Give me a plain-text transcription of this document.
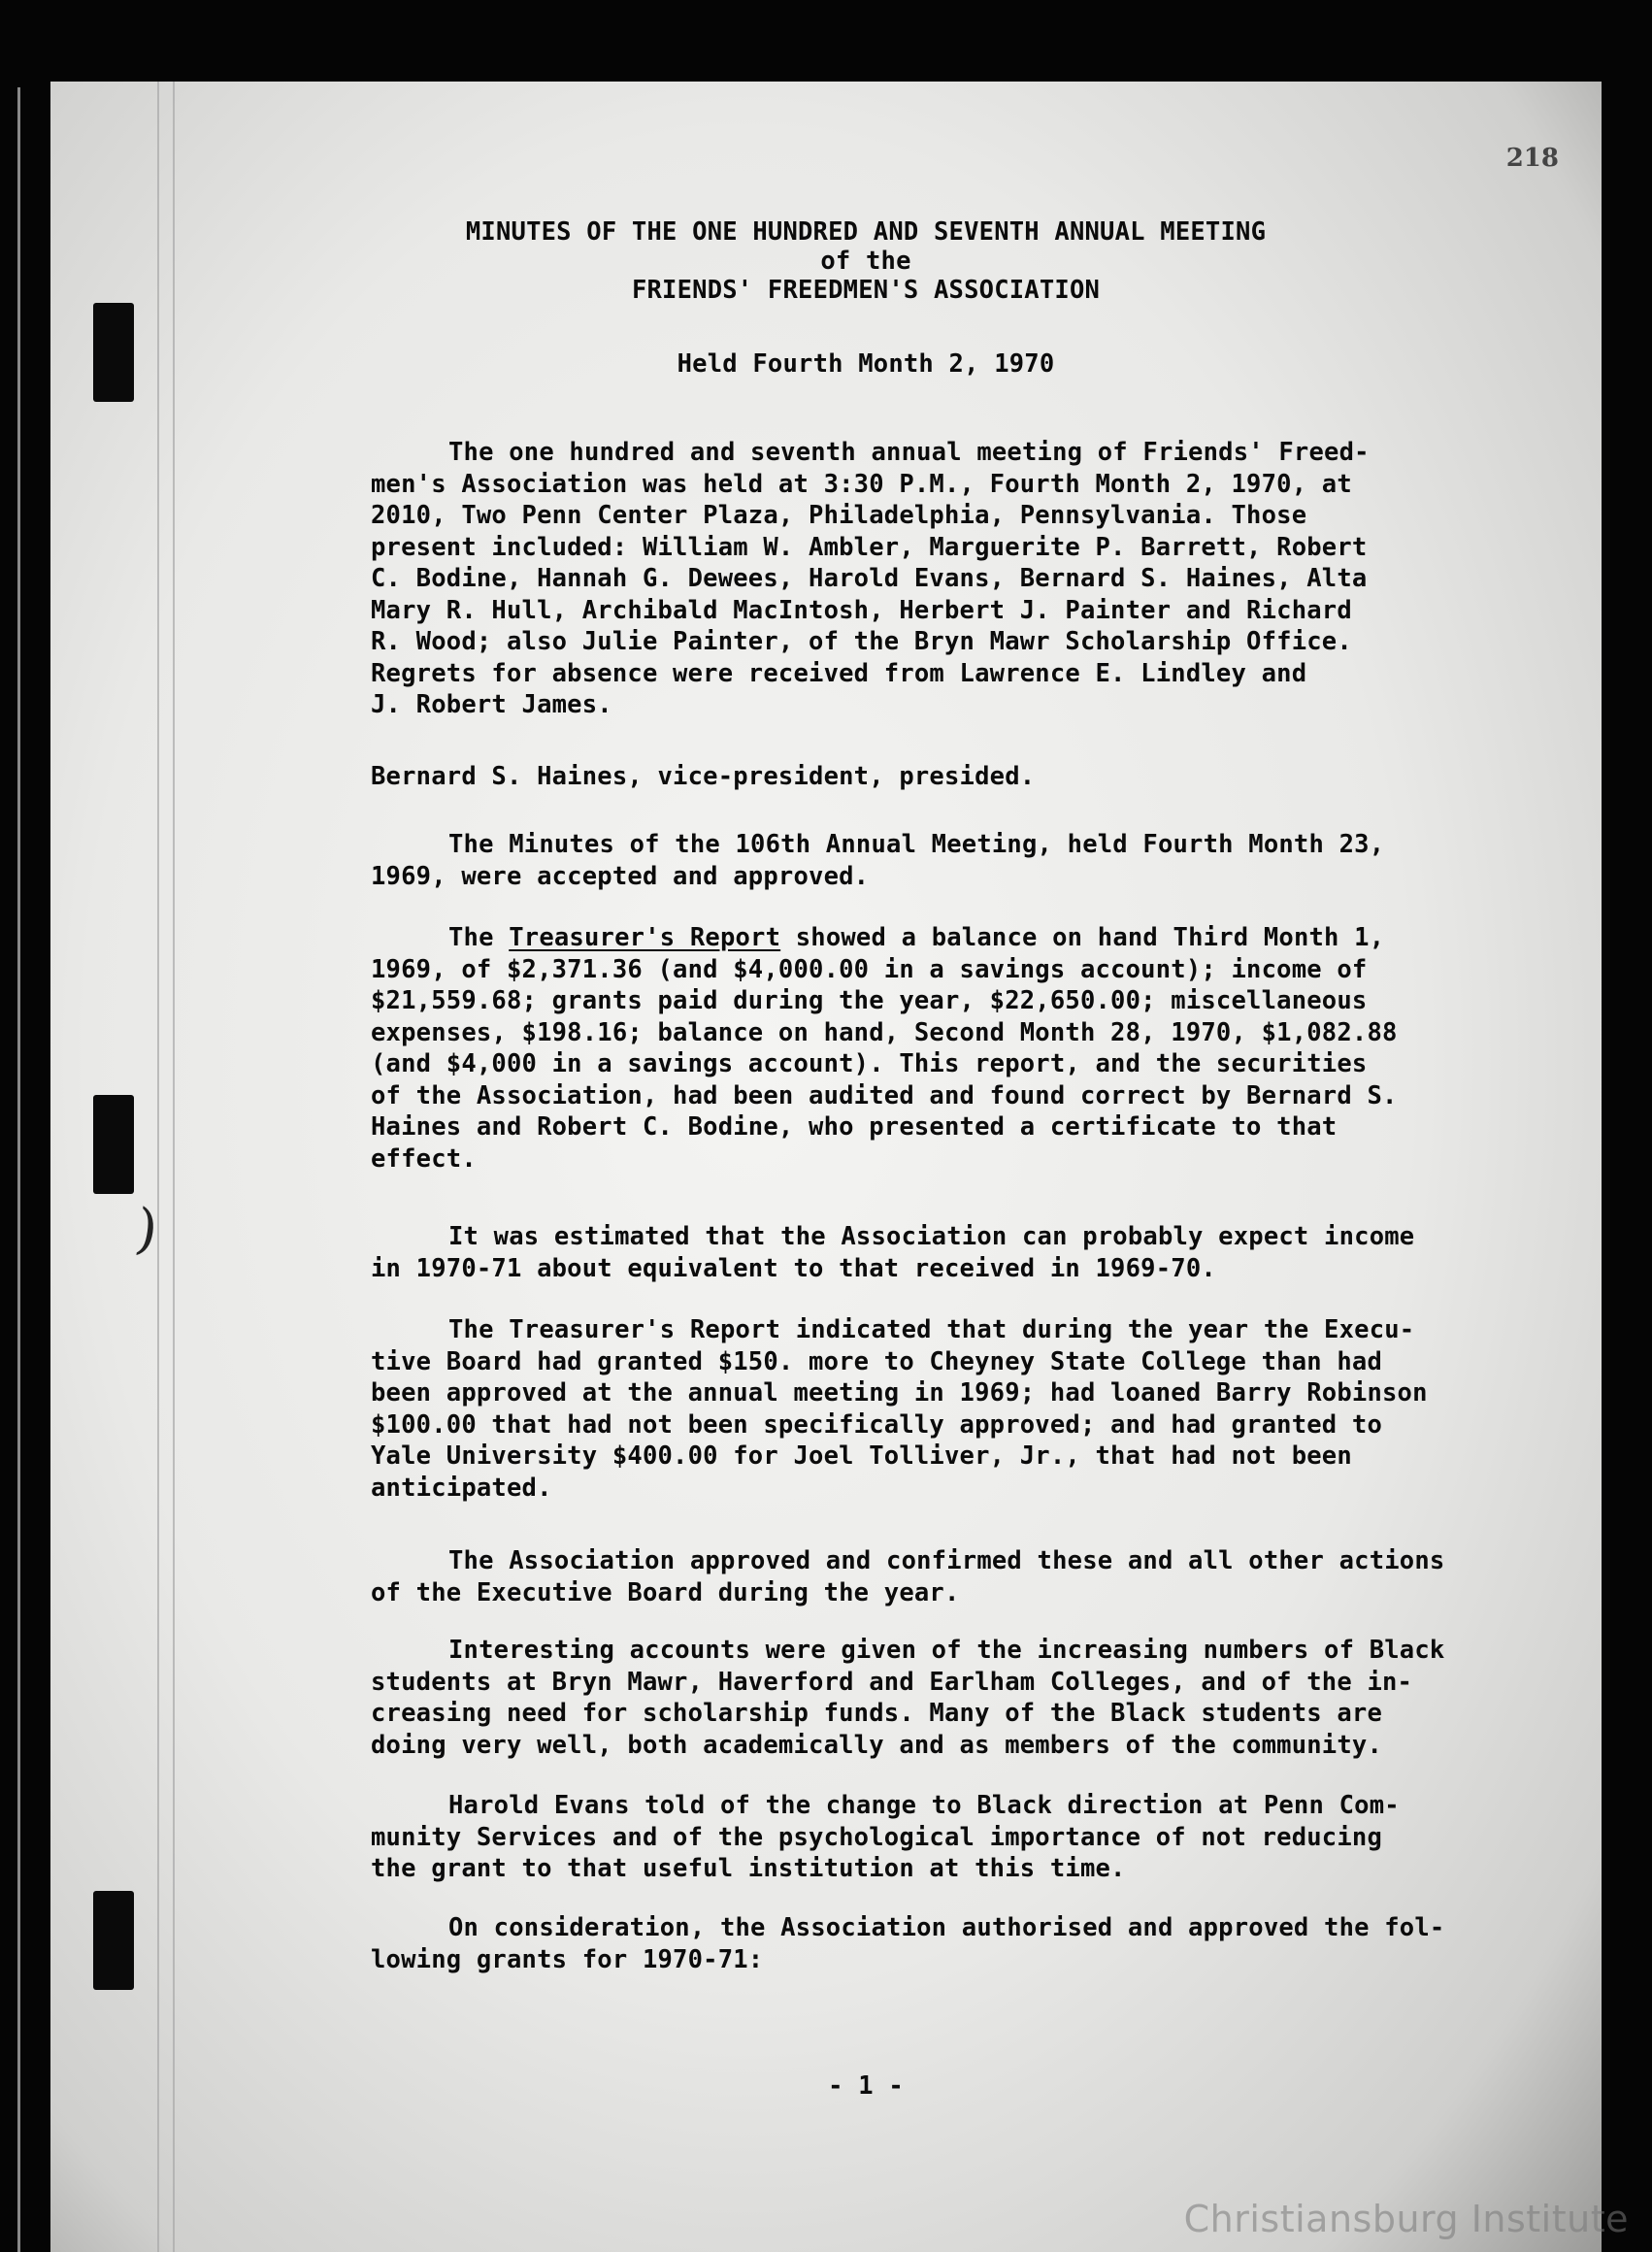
)
218
MINUTES OF THE ONE HUNDRED AND SEVENTH ANNUAL MEETING
of the
FRIENDS' FREEDMEN'S ASSOCIATION
Held Fourth Month 2, 1970
The one hundred and seventh annual meeting of Friends' Freed-
men's Association was held at 3:30 P.M., Fourth Month 2, 1970, at
2010, Two Penn Center Plaza, Philadelphia, Pennsylvania. Those
present included: William W. Ambler, Marguerite P. Barrett, Robert
C. Bodine, Hannah G. Dewees, Harold Evans, Bernard S. Haines, Alta
Mary R. Hull, Archibald MacIntosh, Herbert J. Painter and Richard
R. Wood; also Julie Painter, of the Bryn Mawr Scholarship Office.
Regrets for absence were received from Lawrence E. Lindley and
J. Robert James.
Bernard S. Haines, vice-president, presided.
The Minutes of the 106th Annual Meeting, held Fourth Month 23,
1969, were accepted and approved.
The Treasurer's Report showed a balance on hand Third Month 1,
1969, of $2,371.36 (and $4,000.00 in a savings account); income of
$21,559.68; grants paid during the year, $22,650.00; miscellaneous
expenses, $198.16; balance on hand, Second Month 28, 1970, $1,082.88
(and $4,000 in a savings account). This report, and the securities
of the Association, had been audited and found correct by Bernard S.
Haines and Robert C. Bodine, who presented a certificate to that
effect.
It was estimated that the Association can probably expect income
in 1970-71 about equivalent to that received in 1969-70.
The Treasurer's Report indicated that during the year the Execu-
tive Board had granted $150. more to Cheyney State College than had
been approved at the annual meeting in 1969; had loaned Barry Robinson
$100.00 that had not been specifically approved; and had granted to
Yale University $400.00 for Joel Tolliver, Jr., that had not been
anticipated.
The Association approved and confirmed these and all other actions
of the Executive Board during the year.
Interesting accounts were given of the increasing numbers of Black
students at Bryn Mawr, Haverford and Earlham Colleges, and of the in-
creasing need for scholarship funds. Many of the Black students are
doing very well, both academically and as members of the community.
Harold Evans told of the change to Black direction at Penn Com-
munity Services and of the psychological importance of not reducing
the grant to that useful institution at this time.
On consideration, the Association authorised and approved the fol-
lowing grants for 1970-71:
- 1 -
Christiansburg Institute
